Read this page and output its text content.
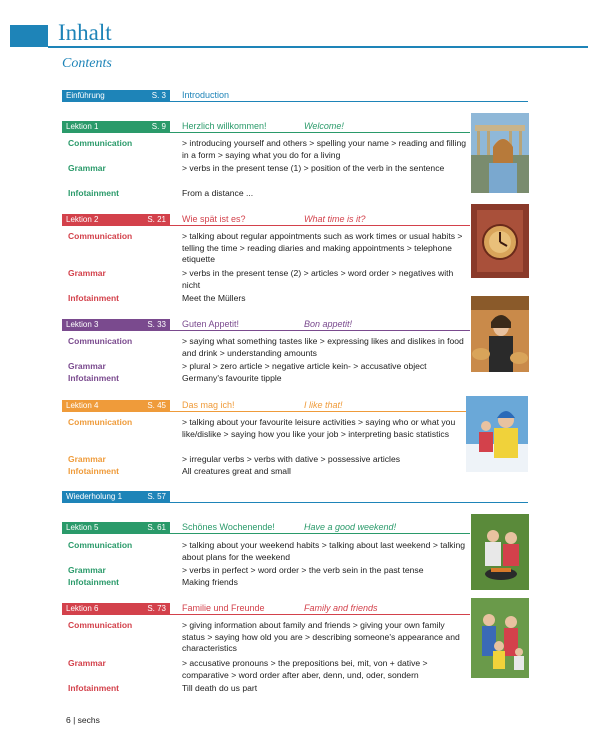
Inhalt
Contents
Einführung	S. 3 Introduction
Lektion 1	S. 9 Herzlich willkommen!	Welcome!
Communication	> introducing yourself and others > spelling your name > reading and filling in a form > saying what you do for a living
Grammar	> verbs in the present tense (1) > position of the verb in the sentence
Infotainment	From a distance ...
Lektion 2	S. 21 Wie spät ist es?	What time is it?
Communication	> talking about regular appointments such as work times or usual habits > telling the time > reading diaries and making appointments > telephone etiquette
Grammar	> verbs in the present tense (2) > articles > word order > negatives with nicht
Infotainment	Meet the Müllers
Lektion 3	S. 33 Guten Appetit!	Bon appetit!
Communication	> saying what something tastes like > expressing likes and dislikes in food and drink > understanding amounts
Grammar	> plural > zero article > negative article kein- > accusative object
Infotainment	Germany's favourite tipple
Lektion 4	S. 45 Das mag ich!	I like that!
Communication	> talking about your favourite leisure activities > saying who or what you like/dislike > saying how you like your job > interpreting basic statistics
Grammar	> irregular verbs > verbs with dative > possessive articles
Infotainment	All creatures great and small
Wiederholung 1	S. 57
Lektion 5	S. 61 Schönes Wochenende!	Have a good weekend!
Communication	> talking about your weekend habits > talking about last weekend > talking about plans for the weekend
Grammar	> verbs in perfect > word order > the verb sein in the past tense
Infotainment	Making friends
Lektion 6	S. 73 Familie und Freunde	Family and friends
Communication	> giving information about family and friends > giving your own family status > saying how old you are > describing someone's appearance and characteristics
Grammar	> accusative pronouns > the prepositions bei, mit, von + dative > comparative > word order after aber, denn, und, oder, sondern
Infotainment	Till death do us part
6 | sechs
